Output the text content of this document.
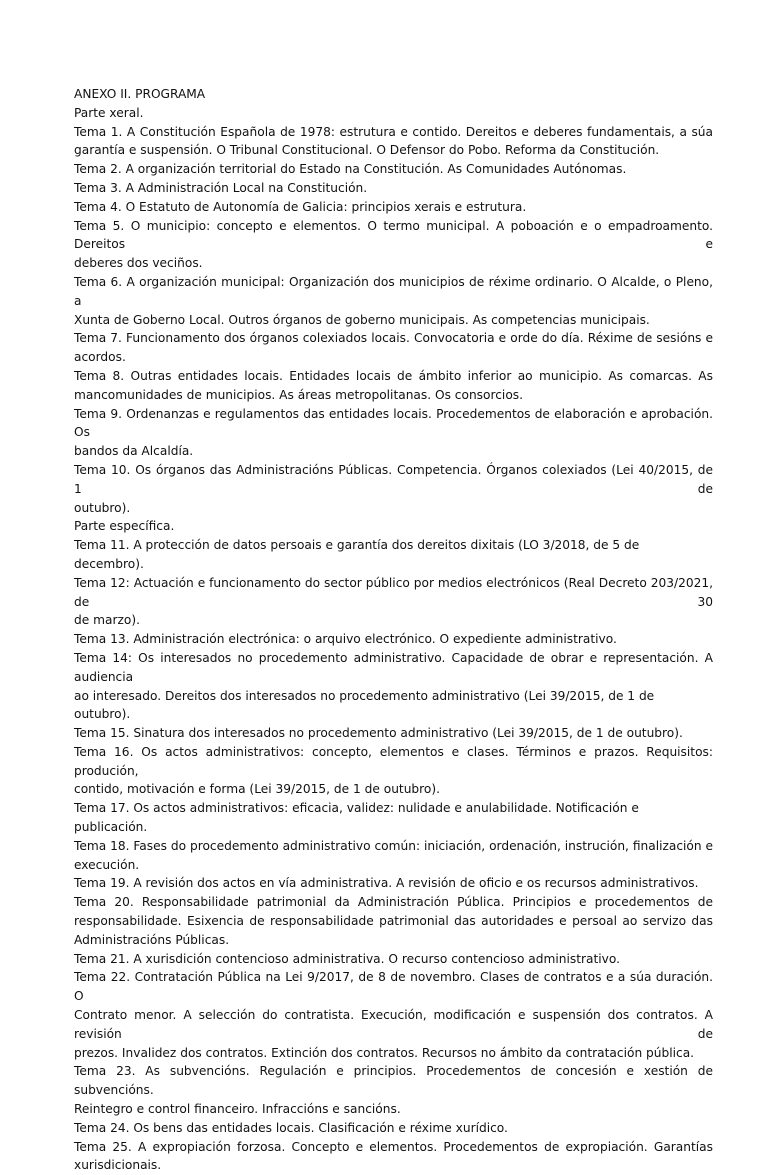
ANEXO II. PROGRAMA
Parte xeral.
Tema 1. A Constitución Española de 1978: estrutura e contido. Dereitos e deberes fundamentais, a súa
garantía e suspensión. O Tribunal Constitucional. O Defensor do Pobo. Reforma da Constitución.
Tema 2. A organización territorial do Estado na Constitución. As Comunidades Autónomas.
Tema 3. A Administración Local na Constitución.
Tema 4. O Estatuto de Autonomía de Galicia: principios xerais e estrutura.
Tema 5. O municipio: concepto e elementos. O termo municipal. A poboación e o empadroamento. Dereitos e
deberes dos veciños.
Tema 6. A organización municipal: Organización dos municipios de réxime ordinario. O Alcalde, o Pleno, a
Xunta de Goberno Local. Outros órganos de goberno municipais. As competencias municipais.
Tema 7. Funcionamento dos órganos colexiados locais. Convocatoria e orde do día. Réxime de sesións e
acordos.
Tema 8. Outras entidades locais. Entidades locais de ámbito inferior ao municipio. As comarcas. As
mancomunidades de municipios. As áreas metropolitanas. Os consorcios.
Tema 9. Ordenanzas e regulamentos das entidades locais. Procedementos de elaboración e aprobación. Os
bandos da Alcaldía.
Tema 10. Os órganos das Administracións Públicas. Competencia. Órganos colexiados (Lei 40/2015, de 1 de
outubro).
Parte específica.
Tema 11. A protección de datos persoais e garantía dos dereitos dixitais (LO 3/2018, de 5 de decembro).
Tema 12: Actuación e funcionamento do sector público por medios electrónicos (Real Decreto 203/2021, de 30
de marzo).
Tema 13. Administración electrónica: o arquivo electrónico. O expediente administrativo.
Tema 14: Os interesados no procedemento administrativo. Capacidade de obrar e representación. A audiencia
ao interesado. Dereitos dos interesados no procedemento administrativo (Lei 39/2015, de 1 de outubro).
Tema 15. Sinatura dos interesados no procedemento administrativo (Lei 39/2015, de 1 de outubro).
Tema 16. Os actos administrativos: concepto, elementos e clases. Términos e prazos. Requisitos: produción,
contido, motivación e forma (Lei 39/2015, de 1 de outubro).
Tema 17. Os actos administrativos: eficacia, validez: nulidade e anulabilidade. Notificación e publicación.
Tema 18. Fases do procedemento administrativo común: iniciación, ordenación, instrución, finalización e
execución.
Tema 19. A revisión dos actos en vía administrativa. A revisión de oficio e os recursos administrativos.
Tema 20. Responsabilidade patrimonial da Administración Pública. Principios e procedementos de
responsabilidade. Esixencia de responsabilidade patrimonial das autoridades e persoal ao servizo das
Administracións Públicas.
Tema 21. A xurisdición contencioso administrativa. O recurso contencioso administrativo.
Tema 22. Contratación Pública na Lei 9/2017, de 8 de novembro. Clases de contratos e a súa duración. O
Contrato menor. A selección do contratista. Execución, modificación e suspensión dos contratos. A revisión de
prezos. Invalidez dos contratos. Extinción dos contratos. Recursos no ámbito da contratación pública.
Tema 23. As subvencións. Regulación e principios. Procedementos de concesión e xestión de subvencións.
Reintegro e control financeiro. Infraccións e sancións.
Tema 24. Os bens das entidades locais. Clasificación e réxime xurídico.
Tema 25. A expropiación forzosa. Concepto e elementos. Procedementos de expropiación. Garantías
xurisdicionais.
